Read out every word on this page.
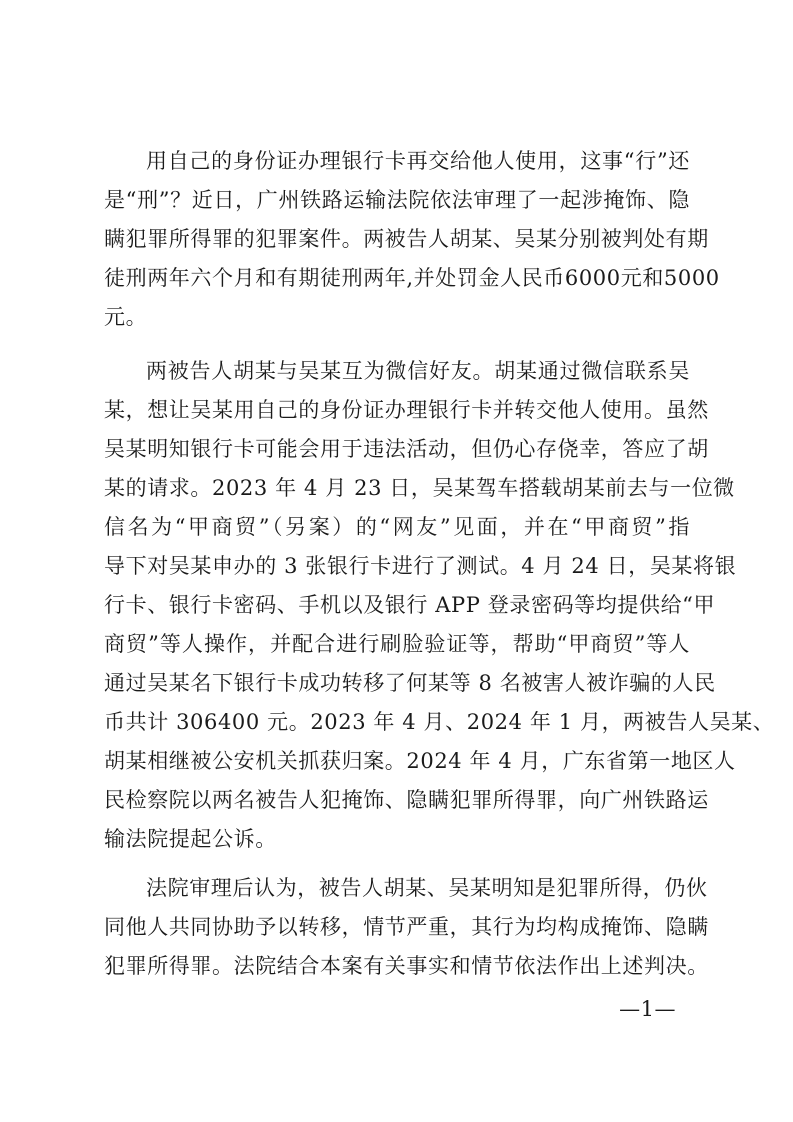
用自己的身份证办理银行卡再交给他人使用，这事“行”还
是“刑”？近日，广州铁路运输法院依法审理了一起涉掩饰、隐
瞒犯罪所得罪的犯罪案件。两被告人胡某、吴某分别被判处有期
徒刑两年六个月和有期徒刑两年,并处罚金人民币6000元和5000
元。
两被告人胡某与吴某互为微信好友。胡某通过微信联系吴
某，想让吴某用自己的身份证办理银行卡并转交他人使用。虽然
吴某明知银行卡可能会用于违法活动，但仍心存侥幸，答应了胡
某的请求。2023 年 4 月 23 日，吴某驾车搭载胡某前去与一位微
信名为“甲商贸”（另案）的“网友”见面，并在“甲商贸”指
导下对吴某申办的 3 张银行卡进行了测试。4 月 24 日，吴某将银
行卡、银行卡密码、手机以及银行 APP 登录密码等均提供给“甲
商贸”等人操作，并配合进行刷脸验证等，帮助“甲商贸”等人
通过吴某名下银行卡成功转移了何某等 8 名被害人被诈骗的人民
币共计 306400 元。2023 年 4 月、2024 年 1 月，两被告人吴某、
胡某相继被公安机关抓获归案。2024 年 4 月，广东省第一地区人
民检察院以两名被告人犯掩饰、隐瞒犯罪所得罪，向广州铁路运
输法院提起公诉。
法院审理后认为，被告人胡某、吴某明知是犯罪所得，仍伙
同他人共同协助予以转移，情节严重，其行为均构成掩饰、隐瞒
犯罪所得罪。法院结合本案有关事实和情节依法作出上述判决。
—1—
